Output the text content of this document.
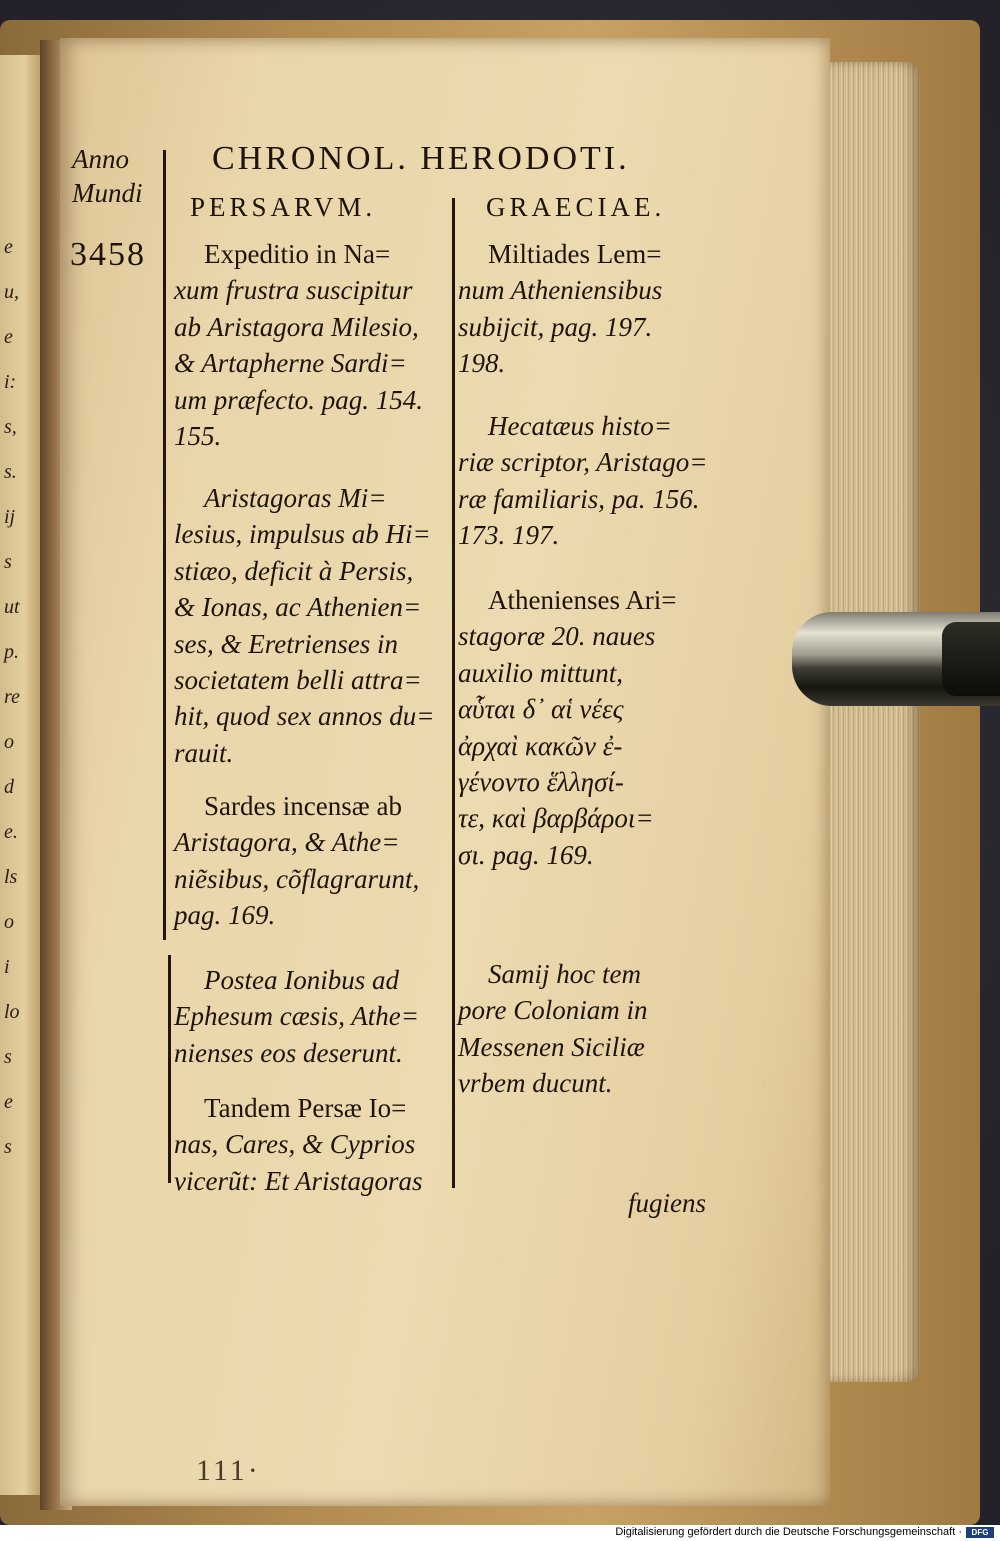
e
u,
e
i:
s,
s.
ij
s
ut
p.
re
o
d
e.
ls
o
i
lo
s
e
s
Anno
Mundi
3458
CHRONOL. HERODOTI.
PERSARVM.	GRAECIAE.
Expeditio in Na=
xum frustra suscipitur
ab Aristagora Milesio,
& Artapherne Sardi=
um præfecto. pag. 154.
155.
Aristagoras Mi=
lesius, impulsus ab Hi=
stiæo, deficit à Persis,
& Ionas, ac Athenien=
ses, & Eretrienses in
societatem belli attra=
hit, quod sex annos du=
rauit.
Sardes incensæ ab
Aristagora, & Athe=
niẽsibus, cõflagrarunt,
pag. 169.
Postea Ionibus ad
Ephesum cæsis, Athe=
nienses eos deserunt.
Tandem Persæ Io=
nas, Cares, & Cyprios
vicerũt: Et Aristagoras
Miltiades Lem=
num Atheniensibus
subijcit, pag. 197.
198.
Hecatæus histo=
riæ scriptor, Aristago=
ræ familiaris, pa. 156.
173. 197.
Athenienses Ari=
stagoræ 20. naues
auxilio mittunt,
αὗται δ᾽ αἱ νέες
ἀρχαὶ κακῶν ἐ-
γένοντο ἕλλησί-
τε, καὶ βαρβάροι=
σι. pag. 169.
Samij hoc tem
pore Coloniam in
Messenen Siciliæ
vrbem ducunt.
fugiens
111·
Digitalisierung gefördert durch die Deutsche Forschungsgemeinschaft ·	DFG
